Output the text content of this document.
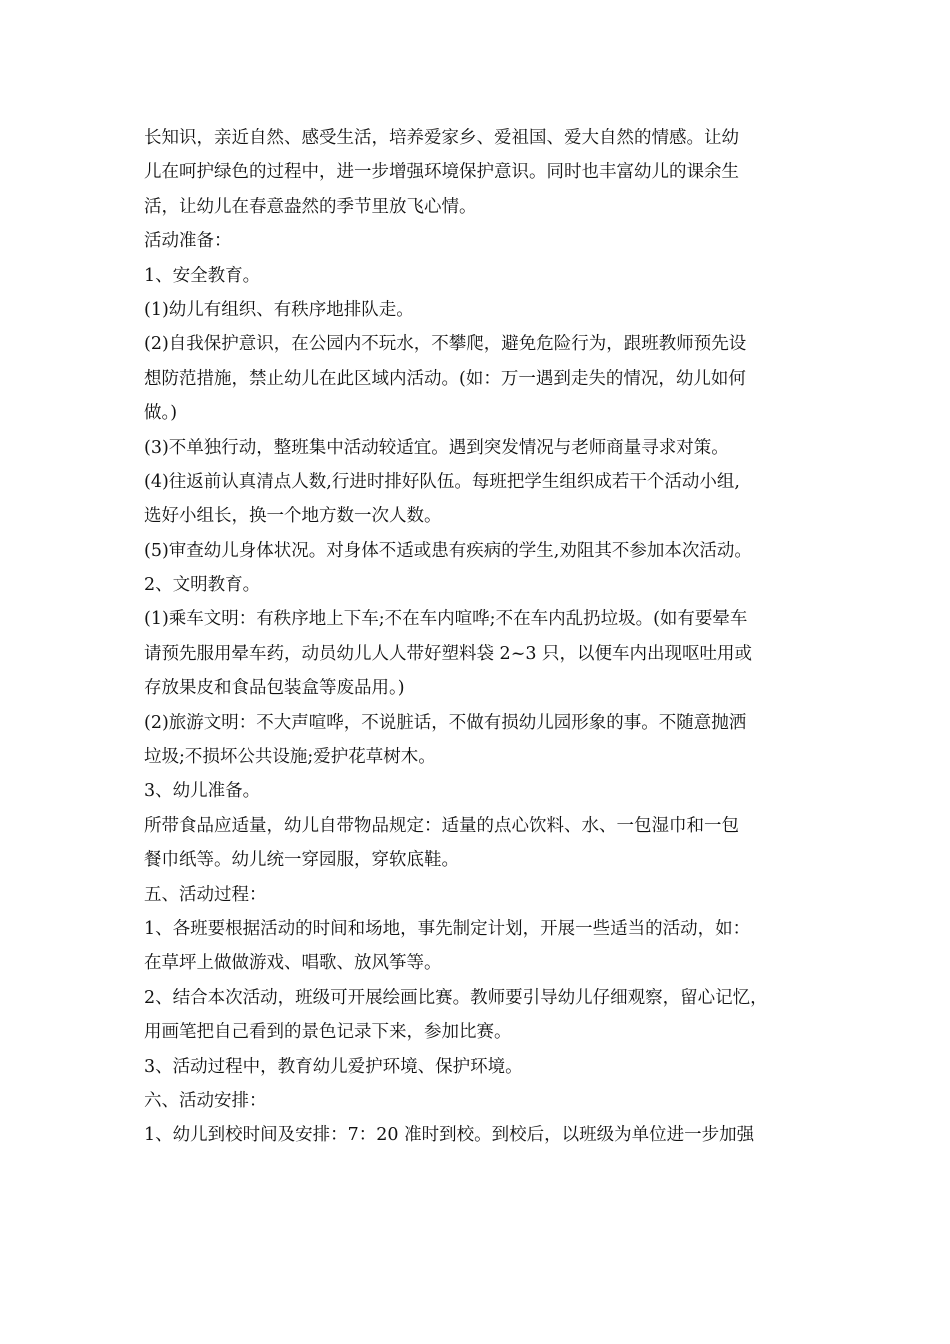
长知识，亲近自然、感受生活，培养爱家乡、爱祖国、爱大自然的情感。让幼
儿在呵护绿色的过程中，进一步增强环境保护意识。同时也丰富幼儿的课余生
活，让幼儿在春意盎然的季节里放飞心情。
活动准备：
1、安全教育。
(1)幼儿有组织、有秩序地排队走。
(2)自我保护意识，在公园内不玩水，不攀爬，避免危险行为，跟班教师预先设
想防范措施，禁止幼儿在此区域内活动。(如：万一遇到走失的情况，幼儿如何
做。)
(3)不单独行动，整班集中活动较适宜。遇到突发情况与老师商量寻求对策。
(4)往返前认真清点人数,行进时排好队伍。每班把学生组织成若干个活动小组,
选好小组长，换一个地方数一次人数。
(5)审查幼儿身体状况。对身体不适或患有疾病的学生,劝阻其不参加本次活动。
2、文明教育。
(1)乘车文明：有秩序地上下车;不在车内喧哗;不在车内乱扔垃圾。(如有要晕车
请预先服用晕车药，动员幼儿人人带好塑料袋 2~3 只，以便车内出现呕吐用或
存放果皮和食品包装盒等废品用。)
(2)旅游文明：不大声喧哗，不说脏话，不做有损幼儿园形象的事。不随意抛洒
垃圾;不损坏公共设施;爱护花草树木。
3、幼儿准备。
所带食品应适量，幼儿自带物品规定：适量的点心饮料、水、一包湿巾和一包
餐巾纸等。幼儿统一穿园服，穿软底鞋。
五、活动过程：
1、各班要根据活动的时间和场地，事先制定计划，开展一些适当的活动，如：
在草坪上做做游戏、唱歌、放风筝等。
2、结合本次活动，班级可开展绘画比赛。教师要引导幼儿仔细观察，留心记忆，
用画笔把自己看到的景色记录下来，参加比赛。
3、活动过程中，教育幼儿爱护环境、保护环境。
六、活动安排：
1、幼儿到校时间及安排：7：20 准时到校。到校后，以班级为单位进一步加强
